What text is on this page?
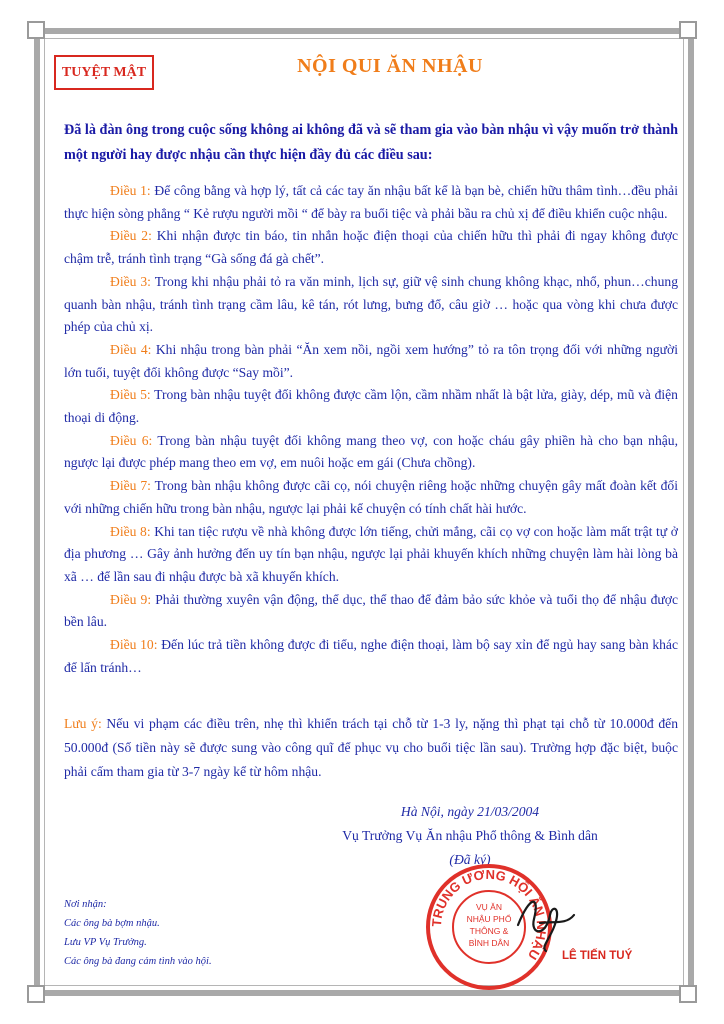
TUYỆT MẬT	NỘI QUI ĂN NHẬU
Đã là đàn ông trong cuộc sống không ai không đã và sẽ tham gia vào bàn nhậu vì vậy muốn trở thành một người hay được nhậu cần thực hiện đầy đủ các điều sau:

Điều 1: Để công bằng và hợp lý, tất cả các tay ăn nhậu bất kể là bạn bè, chiến hữu thâm tình…đều phải thực hiện sòng phẳng “ Kẻ rượu người mồi “ để bày ra buổi tiệc và phải bầu ra chủ xị để điều khiển cuộc nhậu.

Điều 2: Khi nhận được tin báo, tin nhắn hoặc điện thoại của chiến hữu thì phải đi ngay không được chậm trễ, tránh tình trạng “Gà sống đá gà chết”.

Điều 3: Trong khi nhậu phải tỏ ra văn minh, lịch sự, giữ vệ sinh chung không khạc, nhổ, phun…chung quanh bàn nhậu, tránh tình trạng cầm lâu, kê tán, rót lưng, bưng đổ, câu giờ … hoặc qua vòng khi chưa được phép của chủ xị.

Điều 4: Khi nhậu trong bàn phải “Ăn xem nồi, ngồi xem hướng” tỏ ra tôn trọng đối với những người lớn tuổi, tuyệt đối không được “Say mồi”.

Điều 5: Trong bàn nhậu tuyệt đối không được cầm lộn, cầm nhầm nhất là bật lửa, giày, dép, mũ và điện thoại di động.

Điều 6: Trong bàn nhậu tuyệt đối không mang theo vợ, con hoặc cháu gây phiền hà cho bạn nhậu, ngược lại được phép mang theo em vợ, em nuôi hoặc em gái (Chưa chồng).

Điều 7: Trong bàn nhậu không được cãi cọ, nói chuyện riêng hoặc những chuyện gây mất đoàn kết đối với những chiến hữu trong bàn nhậu, ngược lại phải kể chuyện có tính chất hài hước.

Điều 8: Khi tan tiệc rượu về nhà không được lớn tiếng, chửi mắng, cãi cọ vợ con hoặc làm mất trật tự ở địa phương … Gây ảnh hưởng đến uy tín bạn nhậu, ngược lại phải khuyến khích những chuyện làm hài lòng bà xã … để lần sau đi nhậu được bà xã khuyến khích.

Điều 9: Phải thường xuyên vận động, thể dục, thể thao để đảm bảo sức khỏe và tuổi thọ để nhậu được bền lâu.

Điều 10: Đến lúc trả tiền không được đi tiểu, nghe điện thoại, làm bộ say xỉn để ngủ hay sang bàn khác để lẩn tránh…

Lưu ý: Nếu vi phạm các điều trên, nhẹ thì khiển trách tại chỗ từ 1-3 ly, nặng thì phạt tại chỗ từ 10.000đ đến 50.000đ (Số tiền này sẽ được sung vào công quĩ để phục vụ cho buổi tiệc lần sau). Trường hợp đặc biệt, buộc phải cấm tham gia từ 3-7 ngày kể từ hôm nhậu.
Hà Nội, ngày 21/03/2004
Vụ Trưởng Vụ Ăn nhậu Phổ thông & Bình dân
(Đã ký)
Nơi nhận:
Các ông bà bợm nhậu.
Lưu VP Vụ Trưởng.
Các ông bà đang cảm tình vào hội.
TRUNG ƯƠNG HỘI ĂN NHẬU
VỤ ĂN
NHẬU PHỔ
THÔNG &
BÌNH DÂN
LÊ TIẾN TUÝ
